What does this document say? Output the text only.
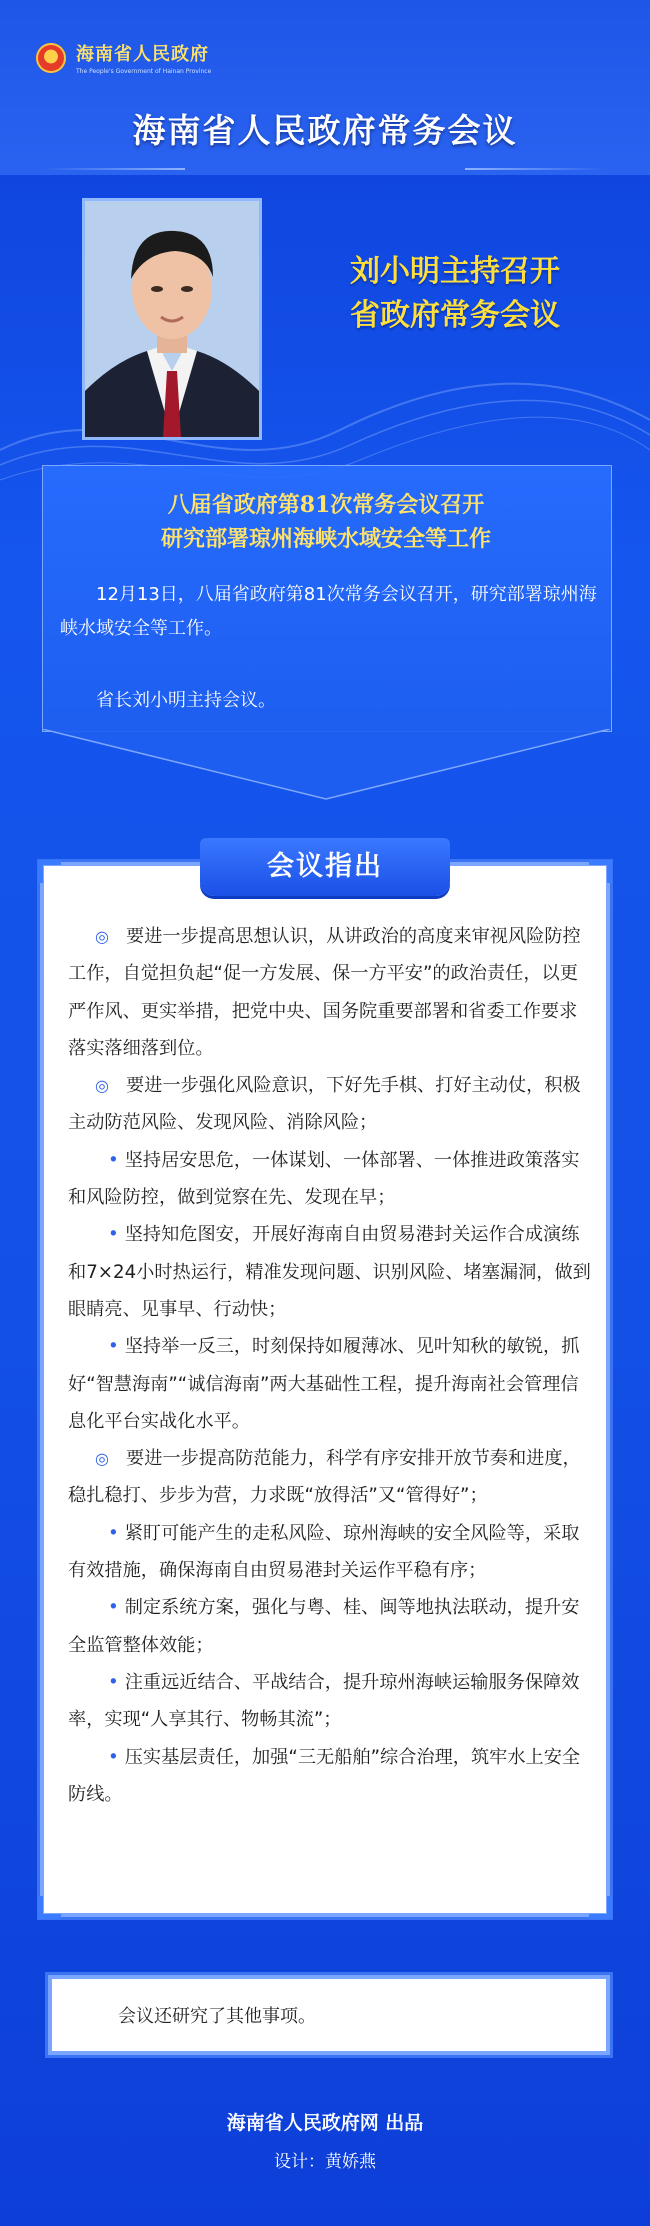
海南省人民政府
The People's Government of Hainan Province
海南省人民政府常务会议
刘小明主持召开
省政府常务会议
八届省政府第81次常务会议召开
研究部署琼州海峡水域安全等工作

12月13日，八届省政府第81次常务会议召开，研究部署琼州海峡水域安全等工作。

省长刘小明主持会议。

会议指出

◎ 要进一步提高思想认识，从讲政治的高度来审视风险防控工作，自觉担负起“促一方发展、保一方平安”的政治责任，以更严作风、更实举措，把党中央、国务院重要部署和省委工作要求落实落细落到位。

◎ 要进一步强化风险意识，下好先手棋、打好主动仗，积极主动防范风险、发现风险、消除风险；

• 坚持居安思危，一体谋划、一体部署、一体推进政策落实和风险防控，做到觉察在先、发现在早；

• 坚持知危图安，开展好海南自由贸易港封关运作合成演练和7×24小时热运行，精准发现问题、识别风险、堵塞漏洞，做到眼睛亮、见事早、行动快；

• 坚持举一反三，时刻保持如履薄冰、见叶知秋的敏锐，抓好“智慧海南”“诚信海南”两大基础性工程，提升海南社会管理信息化平台实战化水平。

◎ 要进一步提高防范能力，科学有序安排开放节奏和进度，稳扎稳打、步步为营，力求既“放得活”又“管得好”；

• 紧盯可能产生的走私风险、琼州海峡的安全风险等，采取有效措施，确保海南自由贸易港封关运作平稳有序；

• 制定系统方案，强化与粤、桂、闽等地执法联动，提升安全监管整体效能；

• 注重远近结合、平战结合，提升琼州海峡运输服务保障效率，实现“人享其行、物畅其流”；

• 压实基层责任，加强“三无船舶”综合治理，筑牢水上安全防线。

会议还研究了其他事项。
海南省人民政府网 出品
设计：黄娇燕
